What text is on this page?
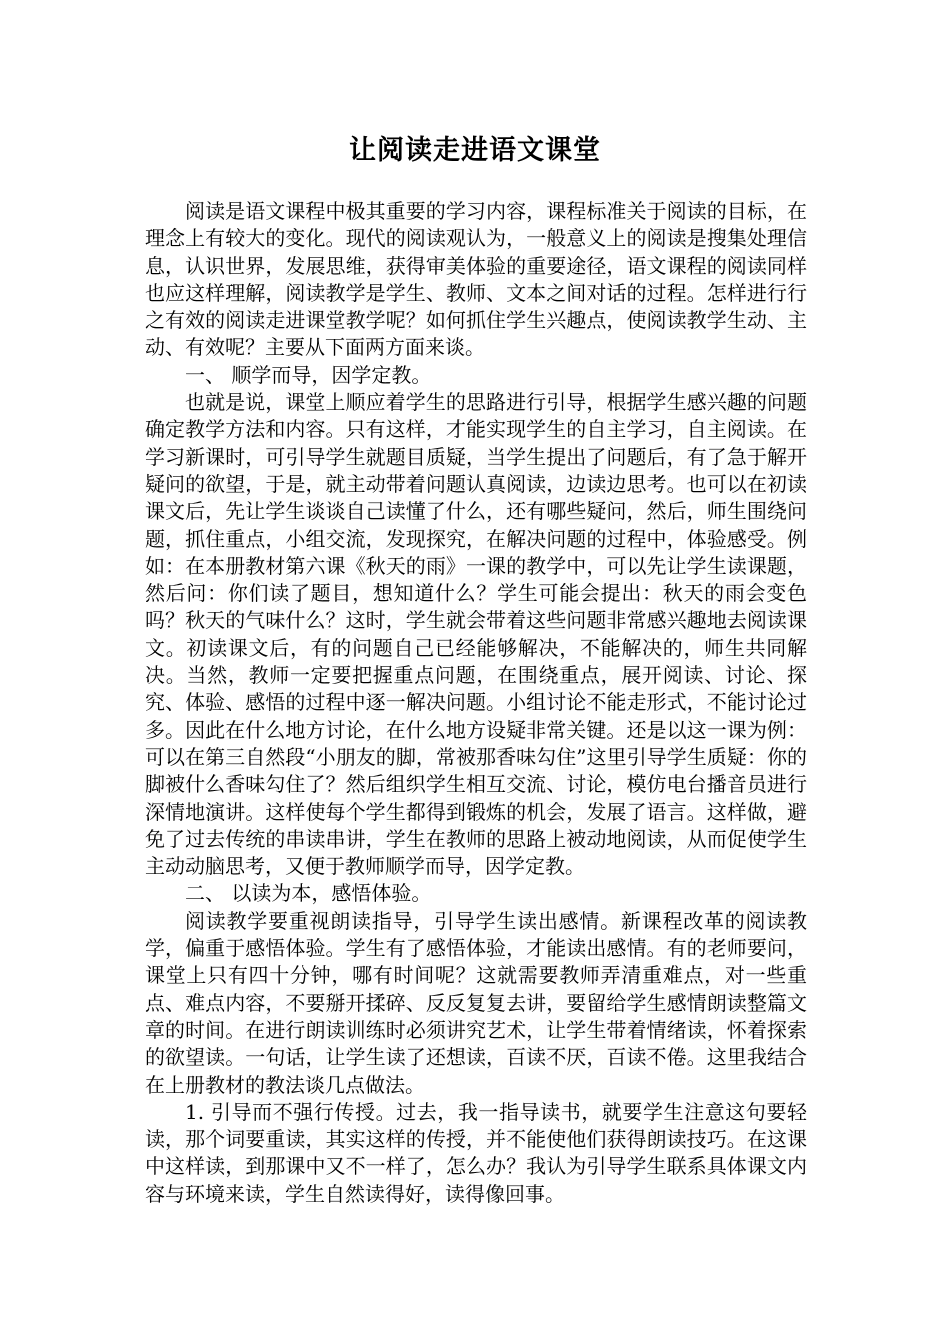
让阅读走进语文课堂

阅读是语文课程中极其重要的学习内容，课程标准关于阅读的目标，在理念上有较大的变化。现代的阅读观认为，一般意义上的阅读是搜集处理信息，认识世界，发展思维，获得审美体验的重要途径，语文课程的阅读同样也应这样理解，阅读教学是学生、教师、文本之间对话的过程。怎样进行行之有效的阅读走进课堂教学呢？如何抓住学生兴趣点，使阅读教学生动、主动、有效呢？主要从下面两方面来谈。

一、 顺学而导，因学定教。

也就是说，课堂上顺应着学生的思路进行引导，根据学生感兴趣的问题确定教学方法和内容。只有这样，才能实现学生的自主学习，自主阅读。在学习新课时，可引导学生就题目质疑，当学生提出了问题后，有了急于解开疑问的欲望，于是，就主动带着问题认真阅读，边读边思考。也可以在初读课文后，先让学生谈谈自己读懂了什么，还有哪些疑问，然后，师生围绕问题，抓住重点，小组交流，发现探究，在解决问题的过程中，体验感受。例如：在本册教材第六课《秋天的雨》一课的教学中，可以先让学生读课题，然后问：你们读了题目，想知道什么？学生可能会提出：秋天的雨会变色吗？秋天的气味什么？这时，学生就会带着这些问题非常感兴趣地去阅读课文。初读课文后，有的问题自己已经能够解决，不能解决的，师生共同解决。当然，教师一定要把握重点问题，在围绕重点，展开阅读、讨论、探究、体验、感悟的过程中逐一解决问题。小组讨论不能走形式，不能讨论过多。因此在什么地方讨论，在什么地方设疑非常关键。还是以这一课为例：可以在第三自然段“小朋友的脚，常被那香味勾住”这里引导学生质疑：你的脚被什么香味勾住了？然后组织学生相互交流、讨论，模仿电台播音员进行深情地演讲。这样使每个学生都得到锻炼的机会，发展了语言。这样做，避免了过去传统的串读串讲，学生在教师的思路上被动地阅读，从而促使学生主动动脑思考，又便于教师顺学而导，因学定教。

二、 以读为本，感悟体验。

阅读教学要重视朗读指导，引导学生读出感情。新课程改革的阅读教学，偏重于感悟体验。学生有了感悟体验，才能读出感情。有的老师要问，课堂上只有四十分钟，哪有时间呢？这就需要教师弄清重难点，对一些重点、难点内容，不要掰开揉碎、反反复复去讲，要留给学生感情朗读整篇文章的时间。在进行朗读训练时必须讲究艺术，让学生带着情绪读，怀着探索的欲望读。一句话，让学生读了还想读，百读不厌，百读不倦。这里我结合在上册教材的教法谈几点做法。

1. 引导而不强行传授。过去，我一指导读书，就要学生注意这句要轻读，那个词要重读，其实这样的传授，并不能使他们获得朗读技巧。在这课中这样读，到那课中又不一样了，怎么办？我认为引导学生联系具体课文内容与环境来读，学生自然读得好，读得像回事。
